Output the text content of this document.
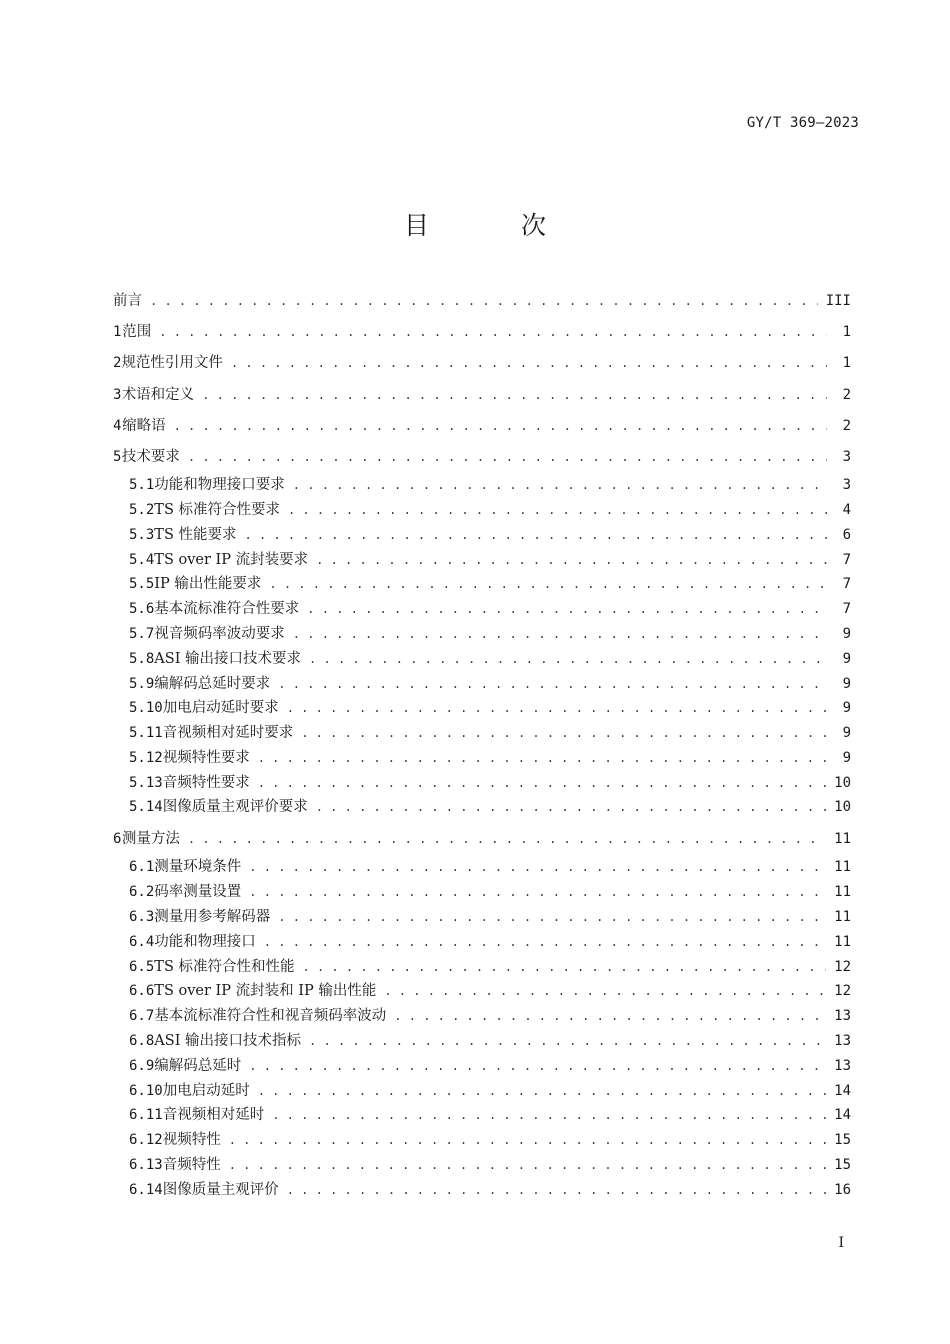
GY/T 369—2023
目 次
前言 . . .	III
1 范围 . . .	1
2 规范性引用文件 . . .	1
3 术语和定义 . . .	2
4 缩略语 . . .	2
5 技术要求 . . .	3
5.1 功能和物理接口要求 . . .	3
5.2 TS 标准符合性要求 . . .	4
5.3 TS 性能要求 . . .	6
5.4 TS over IP 流封装要求 . . .	7
5.5 IP 输出性能要求 . . .	7
5.6 基本流标准符合性要求 . . .	7
5.7 视音频码率波动要求 . . .	9
5.8 ASI 输出接口技术要求 . . .	9
5.9 编解码总延时要求 . . .	9
5.10 加电启动延时要求 . . .	9
5.11 音视频相对延时要求 . . .	9
5.12 视频特性要求 . . .	9
5.13 音频特性要求 . . .	10
5.14 图像质量主观评价要求 . . .	10
6 测量方法 . . .	11
6.1 测量环境条件 . . .	11
6.2 码率测量设置 . . .	11
6.3 测量用参考解码器 . . .	11
6.4 功能和物理接口 . . .	11
6.5 TS 标准符合性和性能 . . .	12
6.6 TS over IP 流封装和 IP 输出性能 . . .	12
6.7 基本流标准符合性和视音频码率波动 . . .	13
6.8 ASI 输出接口技术指标 . . .	13
6.9 编解码总延时 . . .	13
6.10 加电启动延时 . . .	14
6.11 音视频相对延时 . . .	14
6.12 视频特性 . . .	15
6.13 音频特性 . . .	15
6.14 图像质量主观评价 . . .	16
I
